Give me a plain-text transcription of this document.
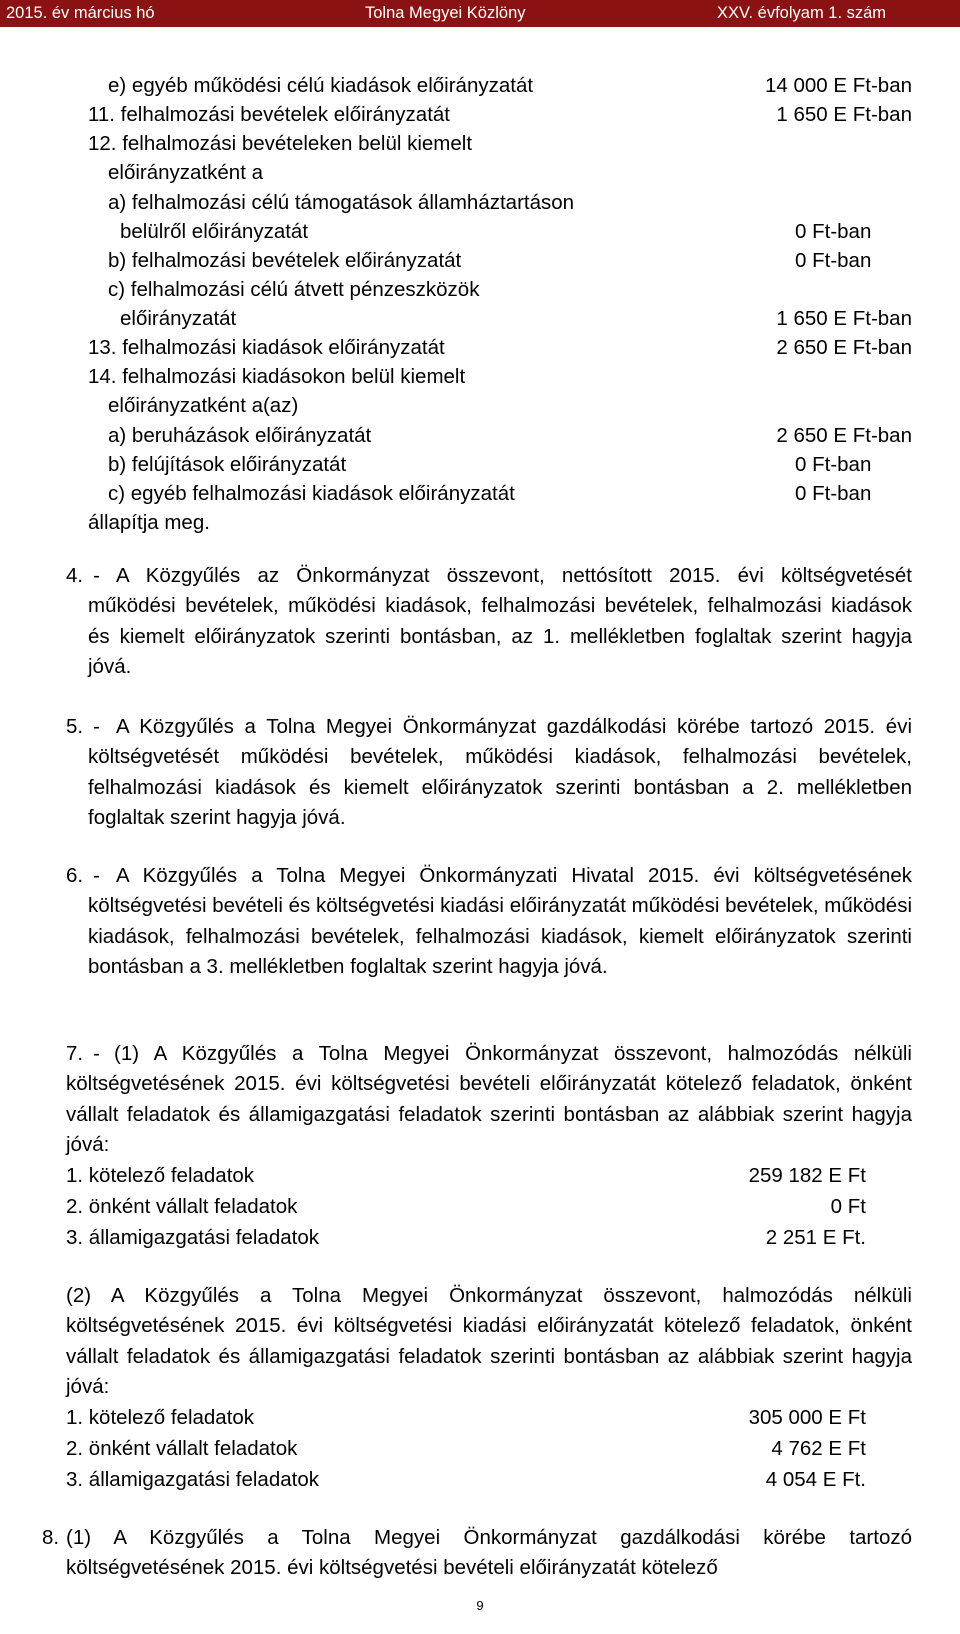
2015. év március hó	Tolna Megyei Közlöny	XXV. évfolyam 1. szám
e) egyéb működési célú kiadások előirányzatát	14 000 E Ft-ban
11. felhalmozási bevételek előirányzatát	1 650 E Ft-ban
12. felhalmozási bevételeken belül kiemelt
előirányzatként a
a) felhalmozási célú támogatások államháztartáson
belülről előirányzatát	0 Ft-ban
b) felhalmozási bevételek előirányzatát	0 Ft-ban
c) felhalmozási célú átvett pénzeszközök
előirányzatát	1 650 E Ft-ban
13. felhalmozási kiadások előirányzatát	2 650 E Ft-ban
14. felhalmozási kiadásokon belül kiemelt
előirányzatként a(az)
a) beruházások előirányzatát	2 650 E Ft-ban
b) felújítások előirányzatát	0 Ft-ban
c) egyéb felhalmozási kiadások előirányzatát	0 Ft-ban
állapítja meg.
4. - A Közgyűlés az Önkormányzat összevont, nettósított 2015. évi költségvetését működési bevételek, működési kiadások, felhalmozási bevételek, felhalmozási kiadások és kiemelt előirányzatok szerinti bontásban, az 1. mellékletben foglaltak szerint hagyja jóvá.
5. - A Közgyűlés a Tolna Megyei Önkormányzat gazdálkodási körébe tartozó 2015. évi költségvetését működési bevételek, működési kiadások, felhalmozási bevételek, felhalmozási kiadások és kiemelt előirányzatok szerinti bontásban a 2. mellékletben foglaltak szerint hagyja jóvá.
6. - A Közgyűlés a Tolna Megyei Önkormányzati Hivatal 2015. évi költségvetésének költségvetési bevételi és költségvetési kiadási előirányzatát működési bevételek, működési kiadások, felhalmozási bevételek, felhalmozási kiadások, kiemelt előirányzatok szerinti bontásban a 3. mellékletben foglaltak szerint hagyja jóvá.
7. - (1) A Közgyűlés a Tolna Megyei Önkormányzat összevont, halmozódás nélküli költségvetésének 2015. évi költségvetési bevételi előirányzatát kötelező feladatok, önként vállalt feladatok és államigazgatási feladatok szerinti bontásban az alábbiak szerint hagyja jóvá:
1. kötelező feladatok	259 182 E Ft
2. önként vállalt feladatok	0 Ft
3. államigazgatási feladatok	2 251 E Ft.
(2) A Közgyűlés a Tolna Megyei Önkormányzat összevont, halmozódás nélküli költségvetésének 2015. évi költségvetési kiadási előirányzatát kötelező feladatok, önként vállalt feladatok és államigazgatási feladatok szerinti bontásban az alábbiak szerint hagyja jóvá:
1. kötelező feladatok	305 000 E Ft
2. önként vállalt feladatok	4 762 E Ft
3. államigazgatási feladatok	4 054 E Ft.
8. (1) A Közgyűlés a Tolna Megyei Önkormányzat gazdálkodási körébe tartozó költségvetésének 2015. évi költségvetési bevételi előirányzatát kötelező
9
